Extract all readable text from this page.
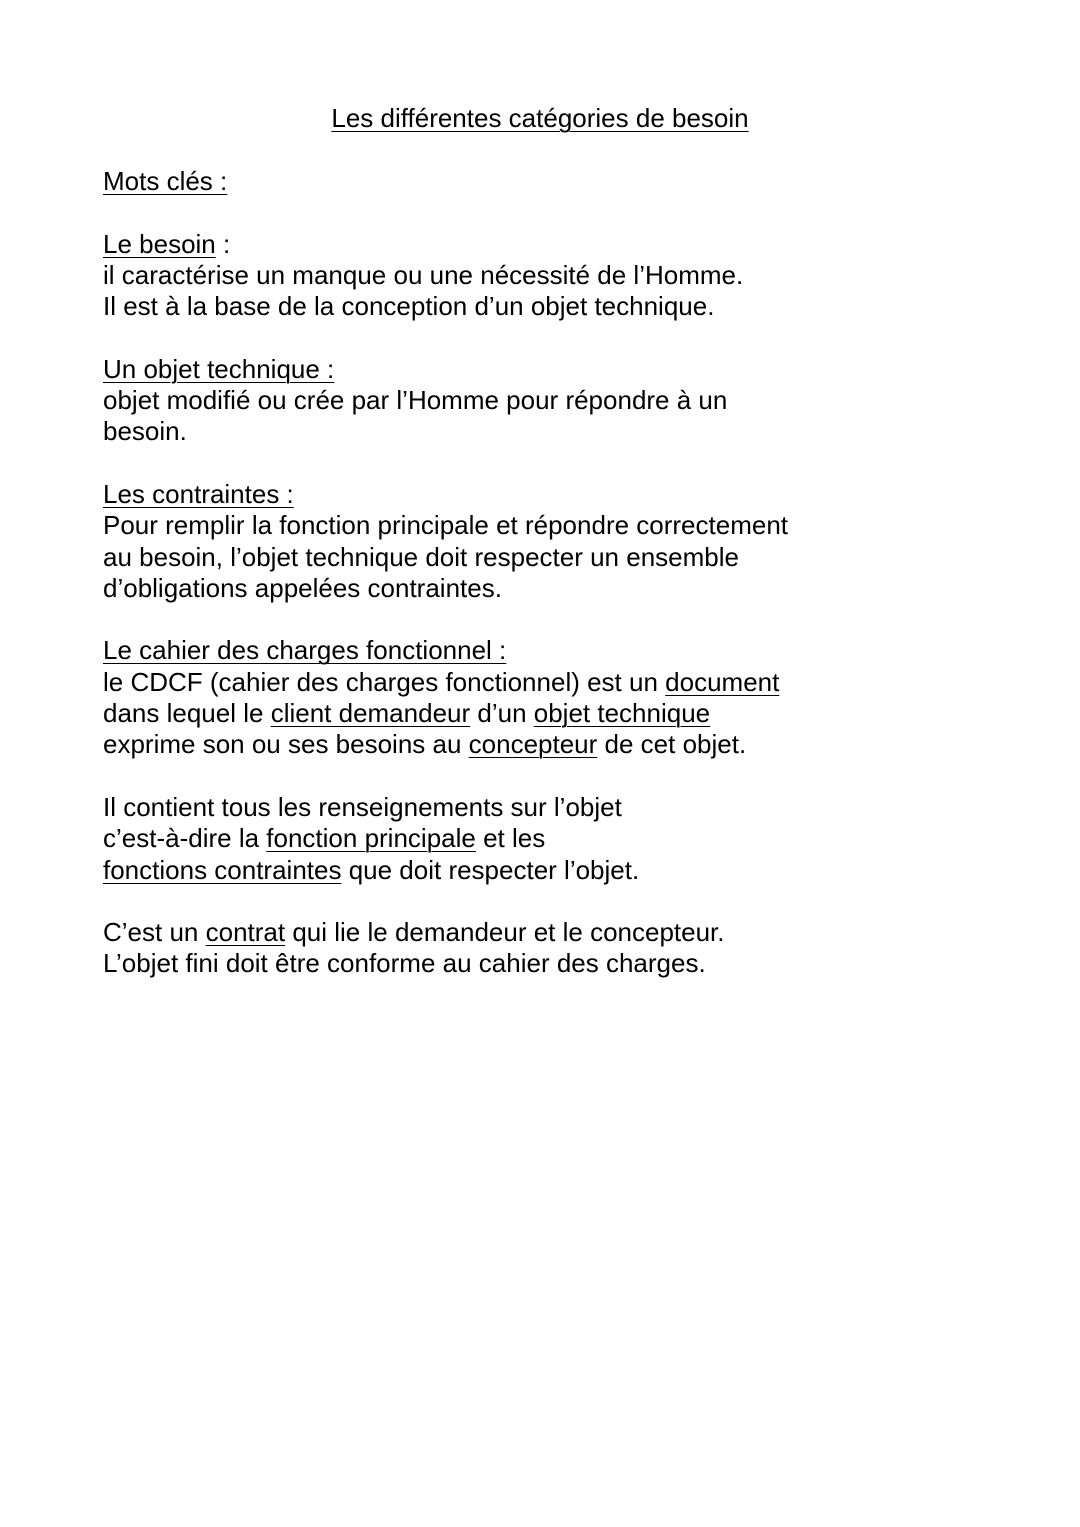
Les différentes catégories de besoin
Mots clés :
Le besoin :
il caractérise un manque ou une nécessité de l’Homme.
Il est à la base de la conception d’un objet technique.
Un objet technique :
objet modifié ou crée par l’Homme pour répondre à un
besoin.
Les contraintes :
Pour remplir la fonction principale et répondre correctement
au besoin, l’objet technique doit respecter un ensemble
d’obligations appelées contraintes.
Le cahier des charges fonctionnel :
le CDCF (cahier des charges fonctionnel) est un document
dans lequel le client demandeur d’un objet technique
exprime son ou ses besoins au concepteur de cet objet.
Il contient tous les renseignements sur l’objet
c’est-à-dire la fonction principale et les
fonctions contraintes que doit respecter l’objet.
C’est un contrat qui lie le demandeur et le concepteur.
L’objet fini doit être conforme au cahier des charges.
